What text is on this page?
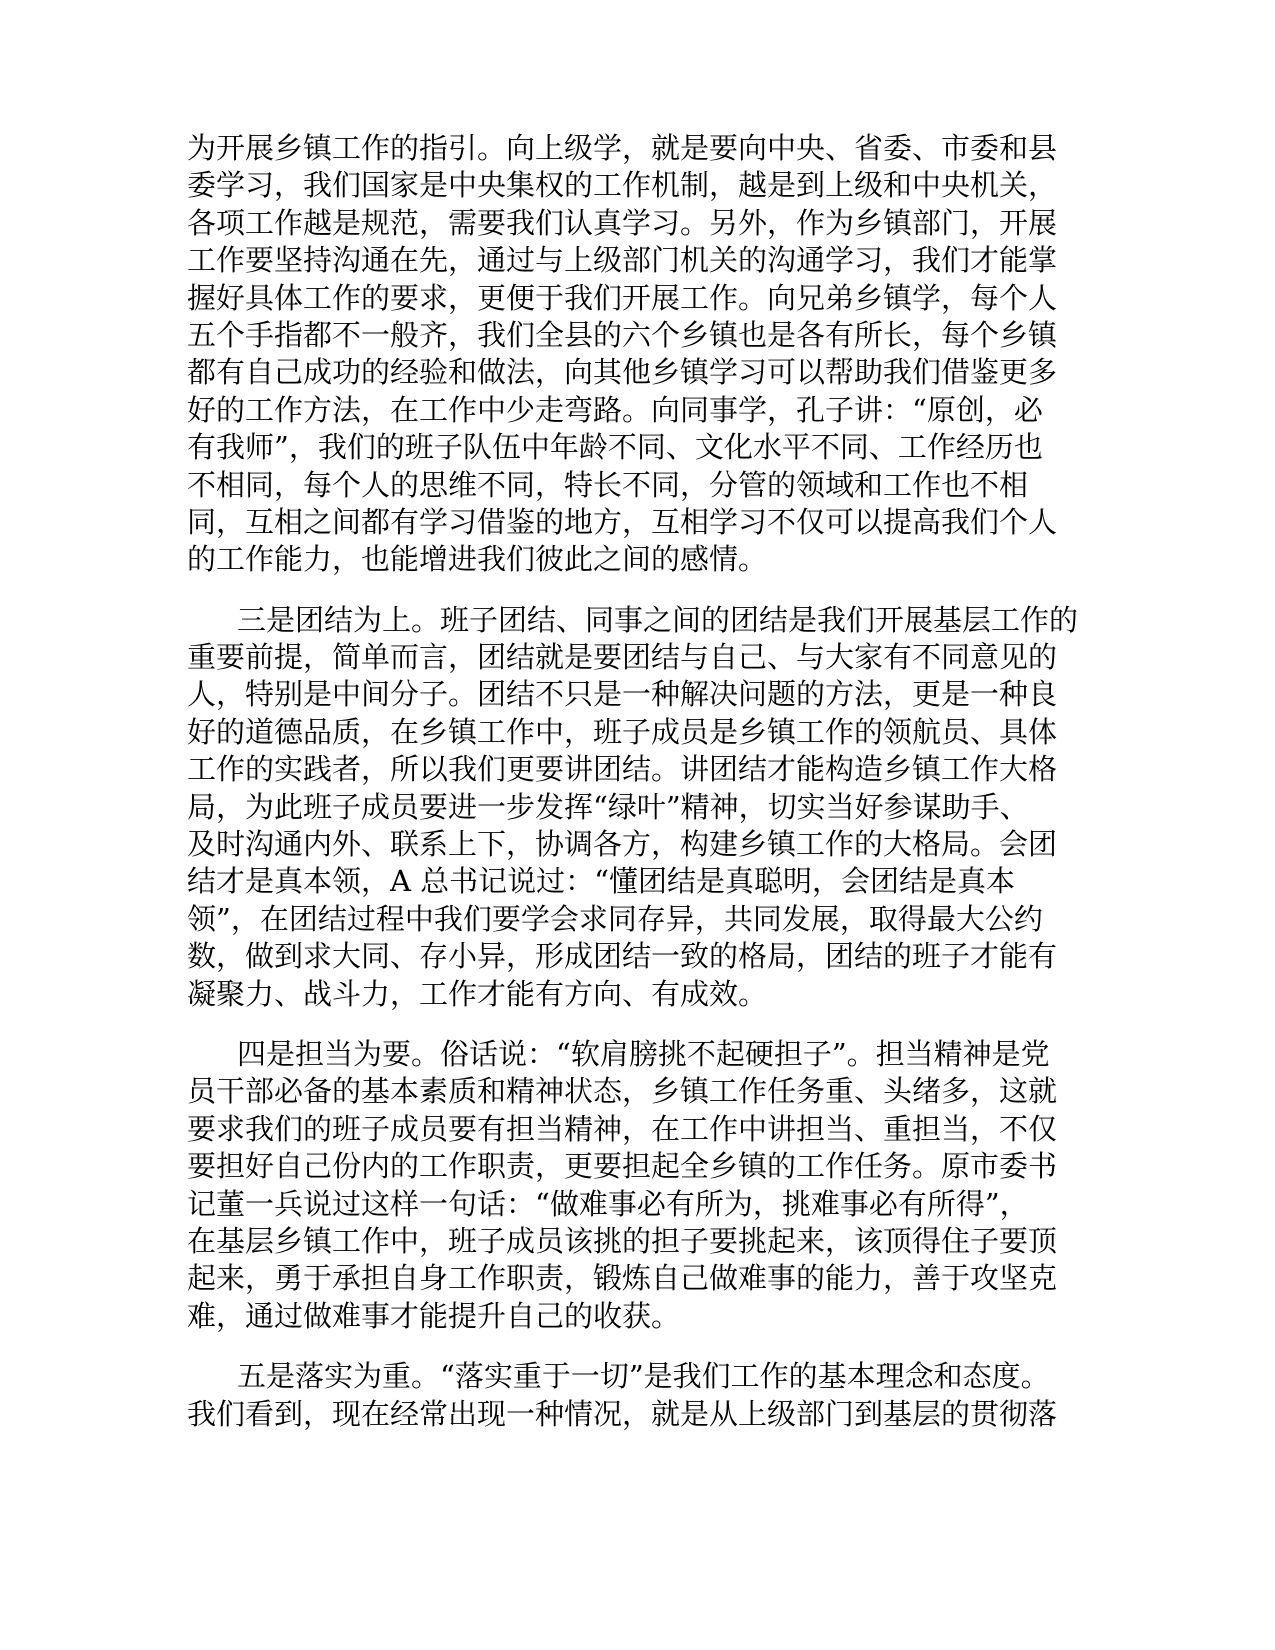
为开展乡镇工作的指引。向上级学，就是要向中央、省委、市委和县
委学习，我们国家是中央集权的工作机制，越是到上级和中央机关，
各项工作越是规范，需要我们认真学习。另外，作为乡镇部门，开展
工作要坚持沟通在先，通过与上级部门机关的沟通学习，我们才能掌
握好具体工作的要求，更便于我们开展工作。向兄弟乡镇学，每个人
五个手指都不一般齐，我们全县的六个乡镇也是各有所长，每个乡镇
都有自己成功的经验和做法，向其他乡镇学习可以帮助我们借鉴更多
好的工作方法，在工作中少走弯路。向同事学，孔子讲：“原创，必
有我师”，我们的班子队伍中年龄不同、文化水平不同、工作经历也
不相同，每个人的思维不同，特长不同，分管的领域和工作也不相
同，互相之间都有学习借鉴的地方，互相学习不仅可以提高我们个人
的工作能力，也能增进我们彼此之间的感情。
三是团结为上。班子团结、同事之间的团结是我们开展基层工作的
重要前提，简单而言，团结就是要团结与自己、与大家有不同意见的
人，特别是中间分子。团结不只是一种解决问题的方法，更是一种良
好的道德品质，在乡镇工作中，班子成员是乡镇工作的领航员、具体
工作的实践者，所以我们更要讲团结。讲团结才能构造乡镇工作大格
局，为此班子成员要进一步发挥“绿叶”精神，切实当好参谋助手、
及时沟通内外、联系上下，协调各方，构建乡镇工作的大格局。会团
结才是真本领，A 总书记说过：“懂团结是真聪明，会团结是真本
领”，在团结过程中我们要学会求同存异，共同发展，取得最大公约
数，做到求大同、存小异，形成团结一致的格局，团结的班子才能有
凝聚力、战斗力，工作才能有方向、有成效。
四是担当为要。俗话说：“软肩膀挑不起硬担子”。担当精神是党
员干部必备的基本素质和精神状态，乡镇工作任务重、头绪多，这就
要求我们的班子成员要有担当精神，在工作中讲担当、重担当，不仅
要担好自己份内的工作职责，更要担起全乡镇的工作任务。原市委书
记董一兵说过这样一句话：“做难事必有所为，挑难事必有所得”，
在基层乡镇工作中，班子成员该挑的担子要挑起来，该顶得住子要顶
起来，勇于承担自身工作职责，锻炼自己做难事的能力，善于攻坚克
难，通过做难事才能提升自己的收获。
五是落实为重。“落实重于一切”是我们工作的基本理念和态度。
我们看到，现在经常出现一种情况，就是从上级部门到基层的贯彻落
